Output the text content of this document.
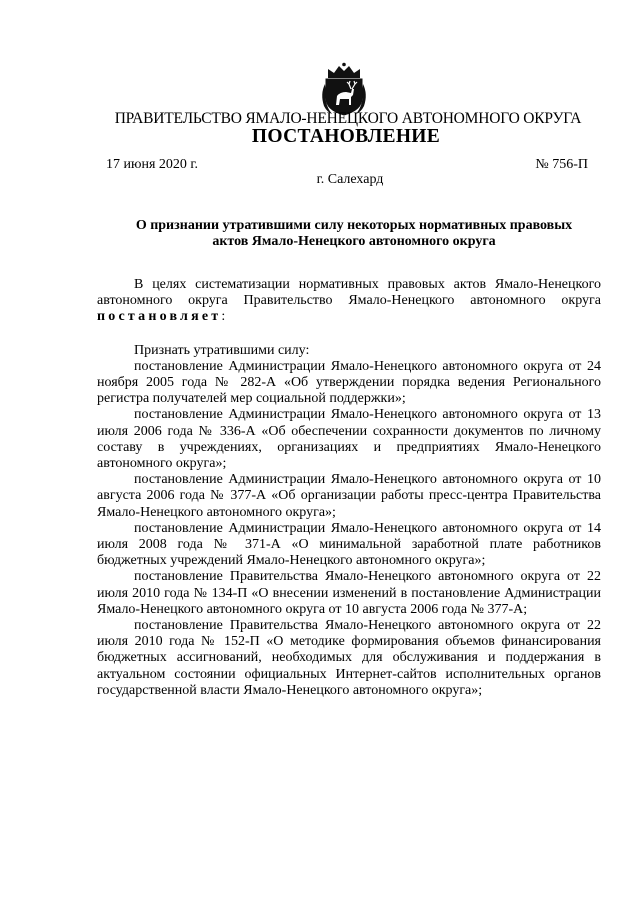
ПРАВИТЕЛЬСТВО ЯМАЛО-НЕНЕЦКОГО АВТОНОМНОГО ОКРУГА
ПОСТАНОВЛЕНИЕ
17 июня 2020 г.	№ 756-П
г. Салехард
О признании утратившими силу некоторых нормативных правовых
актов Ямало-Ненецкого автономного округа

В целях систематизации нормативных правовых актов Ямало-Ненецкого автономного округа Правительство Ямало-Ненецкого автономного округа постановляет:

Признать утратившими силу:

постановление Администрации Ямало-Ненецкого автономного округа от 24 ноября 2005 года № 282-А «Об утверждении порядка ведения Регионального регистра получателей мер социальной поддержки»;

постановление Администрации Ямало-Ненецкого автономного округа от 13 июля 2006 года № 336-А «Об обеспечении сохранности документов по личному составу в учреждениях, организациях и предприятиях Ямало-Ненецкого автономного округа»;

постановление Администрации Ямало-Ненецкого автономного округа от 10 августа 2006 года № 377-А «Об организации работы пресс-центра Правительства Ямало-Ненецкого автономного округа»;

постановление Администрации Ямало-Ненецкого автономного округа от 14 июля 2008 года № 371-А «О минимальной заработной плате работников бюджетных учреждений Ямало-Ненецкого автономного округа»;

постановление Правительства Ямало-Ненецкого автономного округа от 22 июля 2010 года № 134-П «О внесении изменений в постановление Администрации Ямало-Ненецкого автономного округа от 10 августа 2006 года № 377-А;

постановление Правительства Ямало-Ненецкого автономного округа от 22 июля 2010 года № 152-П «О методике формирования объемов финансирования бюджетных ассигнований, необходимых для обслуживания и поддержания в актуальном состоянии официальных Интернет-сайтов исполнительных органов государственной власти Ямало-Ненецкого автономного округа»;
